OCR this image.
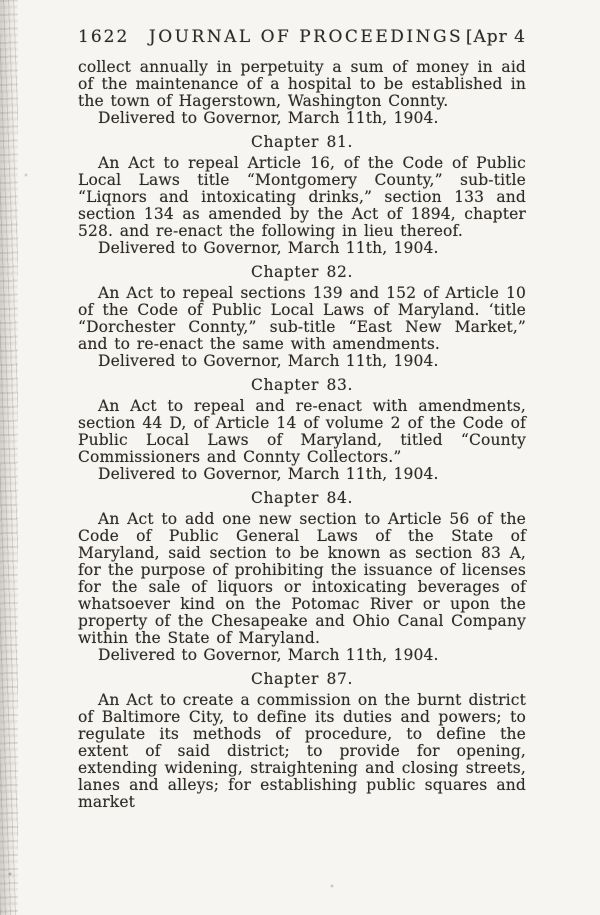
1622	JOURNAL OF PROCEEDINGS [Apr 4

collect annually in perpetuity a sum of money in aid of the maintenance of a hospital to be established in the town of Hagerstown, Washington Connty.

Delivered to Governor, March 11th, 1904.

Chapter 81.

An Act to repeal Article 16, of the Code of Public Local Laws title “Montgomery County,” sub-title “Liqnors and intoxicating drinks,” section 133 and section 134 as amended by the Act of 1894, chapter 528. and re-enact the following in lieu thereof.

Delivered to Governor, March 11th, 1904.

Chapter 82.

An Act to repeal sections 139 and 152 of Article 10 of the Code of Public Local Laws of Maryland. ‘title “Dorchester Connty,” sub-title “East New Market,” and to re-enact the same with amendments.

Delivered to Governor, March 11th, 1904.

Chapter 83.

An Act to repeal and re-enact with amendments, section 44 D, of Article 14 of volume 2 of the Code of Public Local Laws of Maryland, titled “County Commissioners and Connty Collectors.”

Delivered to Governor, March 11th, 1904.

Chapter 84.

An Act to add one new section to Article 56 of the Code of Public General Laws of the State of Maryland, said section to be known as section 83 A, for the purpose of prohibiting the issuance of licenses for the sale of liquors or intoxicating beverages of whatsoever kind on the Potomac River or upon the property of the Chesapeake and Ohio Canal Company within the State of Maryland.

Delivered to Governor, March 11th, 1904.

Chapter 87.

An Act to create a commission on the burnt district of Baltimore City, to define its duties and powers; to regulate its methods of procedure, to define the extent of said district; to provide for opening, extending widening, straightening and closing streets, lanes and alleys; for establishing public squares and market
